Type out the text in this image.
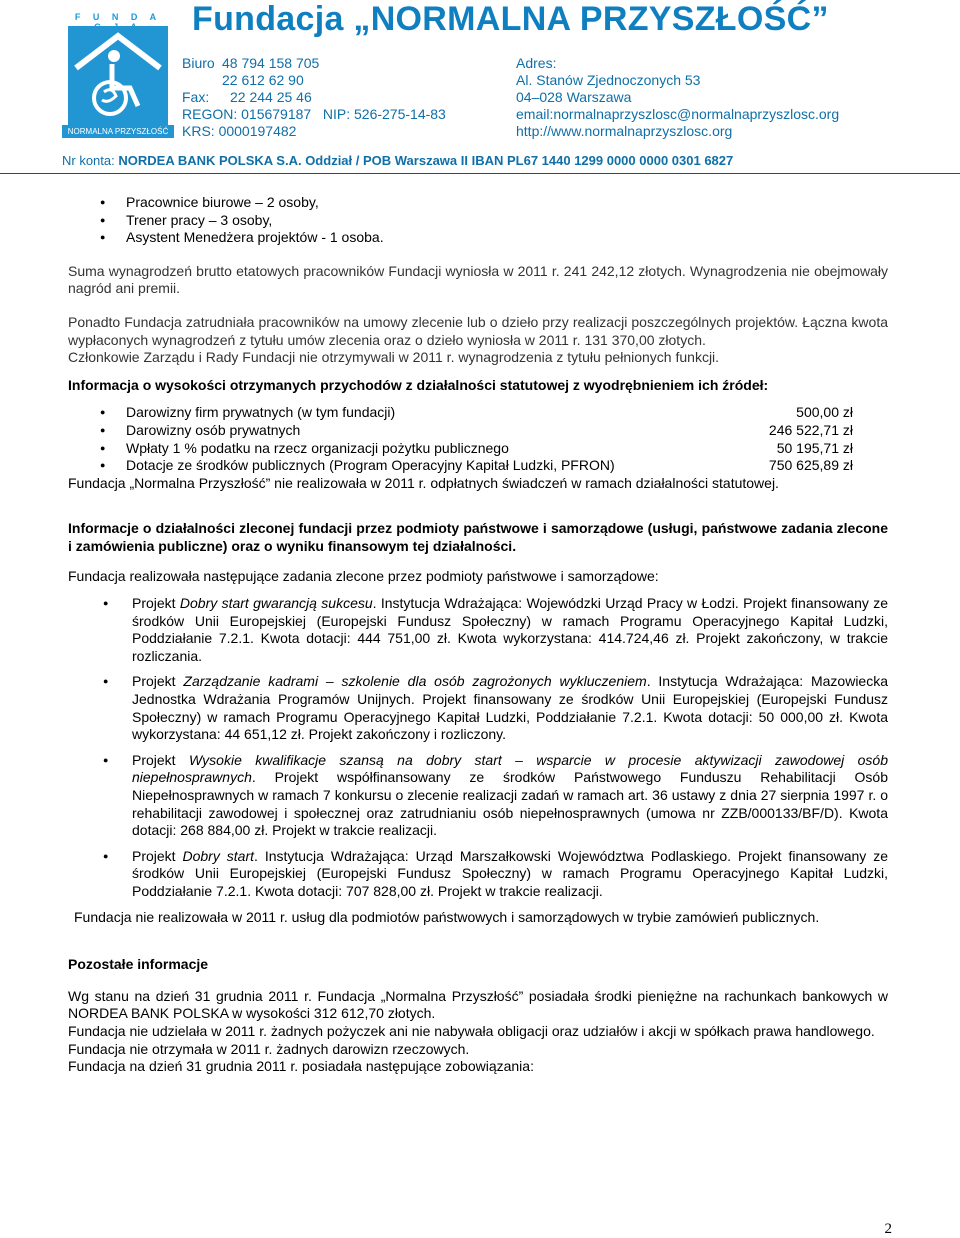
F U N D A
NORMALNA PRZYSZŁOŚĆ
Fundacja „NORMALNA PRZYSZŁOŚĆ”
Biuro 48 794 158 705
22 612 62 90
Fax: 22 244 25 46
REGON: 015679187 NIP: 526-275-14-83
KRS: 0000197482
Adres:
Al. Stanów Zjednoczonych 53
04–028 Warszawa
email:normalnaprzyszlosc@normalnaprzyszlosc.org
http://www.normalnaprzyszlosc.org
Nr konta: NORDEA BANK POLSKA S.A. Oddział / POB Warszawa II IBAN PL67 1440 1299 0000 0000 0301 6827
● Pracownice biurowe – 2 osoby,
● Trener pracy – 3 osoby,
● Asystent Menedżera projektów - 1 osoba.

Suma wynagrodzeń brutto etatowych pracowników Fundacji wyniosła w 2011 r. 241 242,12 złotych. Wynagrodzenia nie obejmowały nagród ani premii.

Ponadto Fundacja zatrudniała pracowników na umowy zlecenie lub o dzieło przy realizacji poszczególnych projektów. Łączna kwota wypłaconych wynagrodzeń z tytułu umów zlecenia oraz o dzieło wyniosła w 2011 r. 131 370,00 złotych.

Członkowie Zarządu i Rady Fundacji nie otrzymywali w 2011 r. wynagrodzenia z tytułu pełnionych funkcji.

Informacja o wysokości otrzymanych przychodów z działalności statutowej z wyodrębnieniem ich źródeł:

● Darowizny firm prywatnych (w tym fundacji)	500,00 zł
● Darowizny osób prywatnych	246 522,71 zł
● Wpłaty 1 % podatku na rzecz organizacji pożytku publicznego	50 195,71 zł
● Dotacje ze środków publicznych (Program Operacyjny Kapitał Ludzki, PFRON)	750 625,89 zł

Fundacja „Normalna Przyszłość” nie realizowała w 2011 r. odpłatnych świadczeń w ramach działalności statutowej.

Informacje o działalności zleconej fundacji przez podmioty państwowe i samorządowe (usługi, państwowe zadania zlecone i zamówienia publiczne) oraz o wyniku finansowym tej działalności.

Fundacja realizowała następujące zadania zlecone przez podmioty państwowe i samorządowe:

● Projekt Dobry start gwarancją sukcesu. Instytucja Wdrażająca: Wojewódzki Urząd Pracy w Łodzi. Projekt finansowany ze środków Unii Europejskiej (Europejski Fundusz Społeczny) w ramach Programu Operacyjnego Kapitał Ludzki, Poddziałanie 7.2.1. Kwota dotacji: 444 751,00 zł. Kwota wykorzystana: 414.724,46 zł. Projekt zakończony, w trakcie rozliczania.
● Projekt Zarządzanie kadrami – szkolenie dla osób zagrożonych wykluczeniem. Instytucja Wdrażająca: Mazowiecka Jednostka Wdrażania Programów Unijnych. Projekt finansowany ze środków Unii Europejskiej (Europejski Fundusz Społeczny) w ramach Programu Operacyjnego Kapitał Ludzki, Poddziałanie 7.2.1. Kwota dotacji: 50 000,00 zł. Kwota wykorzystana: 44 651,12 zł. Projekt zakończony i rozliczony.
● Projekt Wysokie kwalifikacje szansą na dobry start – wsparcie w procesie aktywizacji zawodowej osób niepełnosprawnych. Projekt współfinansowany ze środków Państwowego Funduszu Rehabilitacji Osób Niepełnosprawnych w ramach 7 konkursu o zlecenie realizacji zadań w ramach art. 36 ustawy z dnia 27 sierpnia 1997 r. o rehabilitacji zawodowej i społecznej oraz zatrudnianiu osób niepełnosprawnych (umowa nr ZZB/000133/BF/D). Kwota dotacji: 268 884,00 zł. Projekt w trakcie realizacji.
● Projekt Dobry start. Instytucja Wdrażająca: Urząd Marszałkowski Województwa Podlaskiego. Projekt finansowany ze środków Unii Europejskiej (Europejski Fundusz Społeczny) w ramach Programu Operacyjnego Kapitał Ludzki, Poddziałanie 7.2.1. Kwota dotacji: 707 828,00 zł. Projekt w trakcie realizacji.

Fundacja nie realizowała w 2011 r. usług dla podmiotów państwowych i samorządowych w trybie zamówień publicznych.

Pozostałe informacje

Wg stanu na dzień 31 grudnia 2011 r. Fundacja „Normalna Przyszłość” posiadała środki pieniężne na rachunkach bankowych w NORDEA BANK POLSKA w wysokości 312 612,70 złotych.

Fundacja nie udzielała w 2011 r. żadnych pożyczek ani nie nabywała obligacji oraz udziałów i akcji w spółkach prawa handlowego.

Fundacja nie otrzymała w 2011 r. żadnych darowizn rzeczowych.

Fundacja na dzień 31 grudnia 2011 r. posiadała następujące zobowiązania:

2
